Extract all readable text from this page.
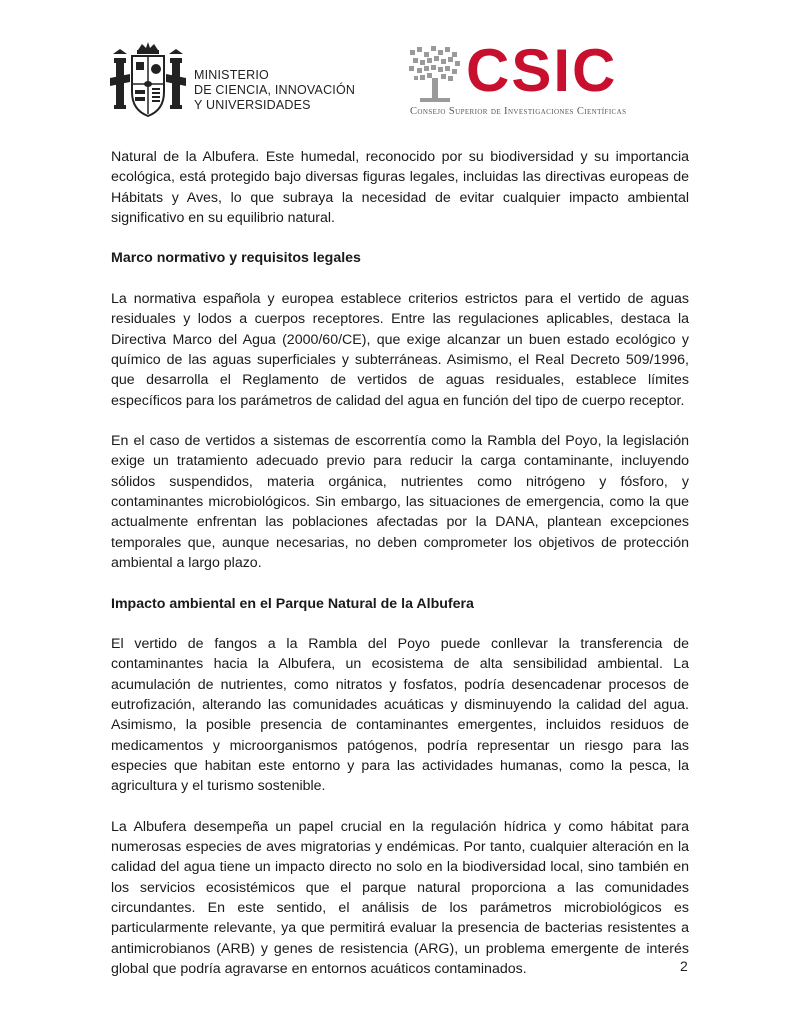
MINISTERIO
DE CIENCIA, INNOVACIÓN
Y UNIVERSIDADES
CSIC
Consejo Superior de Investigaciones Científicas

Natural de la Albufera. Este humedal, reconocido por su biodiversidad y su importancia ecológica, está protegido bajo diversas figuras legales, incluidas las directivas europeas de Hábitats y Aves, lo que subraya la necesidad de evitar cualquier impacto ambiental significativo en su equilibrio natural.

Marco normativo y requisitos legales

La normativa española y europea establece criterios estrictos para el vertido de aguas residuales y lodos a cuerpos receptores. Entre las regulaciones aplicables, destaca la Directiva Marco del Agua (2000/60/CE), que exige alcanzar un buen estado ecológico y químico de las aguas superficiales y subterráneas. Asimismo, el Real Decreto 509/1996, que desarrolla el Reglamento de vertidos de aguas residuales, establece límites específicos para los parámetros de calidad del agua en función del tipo de cuerpo receptor.

En el caso de vertidos a sistemas de escorrentía como la Rambla del Poyo, la legislación exige un tratamiento adecuado previo para reducir la carga contaminante, incluyendo sólidos suspendidos, materia orgánica, nutrientes como nitrógeno y fósforo, y contaminantes microbiológicos. Sin embargo, las situaciones de emergencia, como la que actualmente enfrentan las poblaciones afectadas por la DANA, plantean excepciones temporales que, aunque necesarias, no deben comprometer los objetivos de protección ambiental a largo plazo.

Impacto ambiental en el Parque Natural de la Albufera

El vertido de fangos a la Rambla del Poyo puede conllevar la transferencia de contaminantes hacia la Albufera, un ecosistema de alta sensibilidad ambiental. La acumulación de nutrientes, como nitratos y fosfatos, podría desencadenar procesos de eutrofización, alterando las comunidades acuáticas y disminuyendo la calidad del agua. Asimismo, la posible presencia de contaminantes emergentes, incluidos residuos de medicamentos y microorganismos patógenos, podría representar un riesgo para las especies que habitan este entorno y para las actividades humanas, como la pesca, la agricultura y el turismo sostenible.

La Albufera desempeña un papel crucial en la regulación hídrica y como hábitat para numerosas especies de aves migratorias y endémicas. Por tanto, cualquier alteración en la calidad del agua tiene un impacto directo no solo en la biodiversidad local, sino también en los servicios ecosistémicos que el parque natural proporciona a las comunidades circundantes. En este sentido, el análisis de los parámetros microbiológicos es particularmente relevante, ya que permitirá evaluar la presencia de bacterias resistentes a antimicrobianos (ARB) y genes de resistencia (ARG), un problema emergente de interés global que podría agravarse en entornos acuáticos contaminados.	2
